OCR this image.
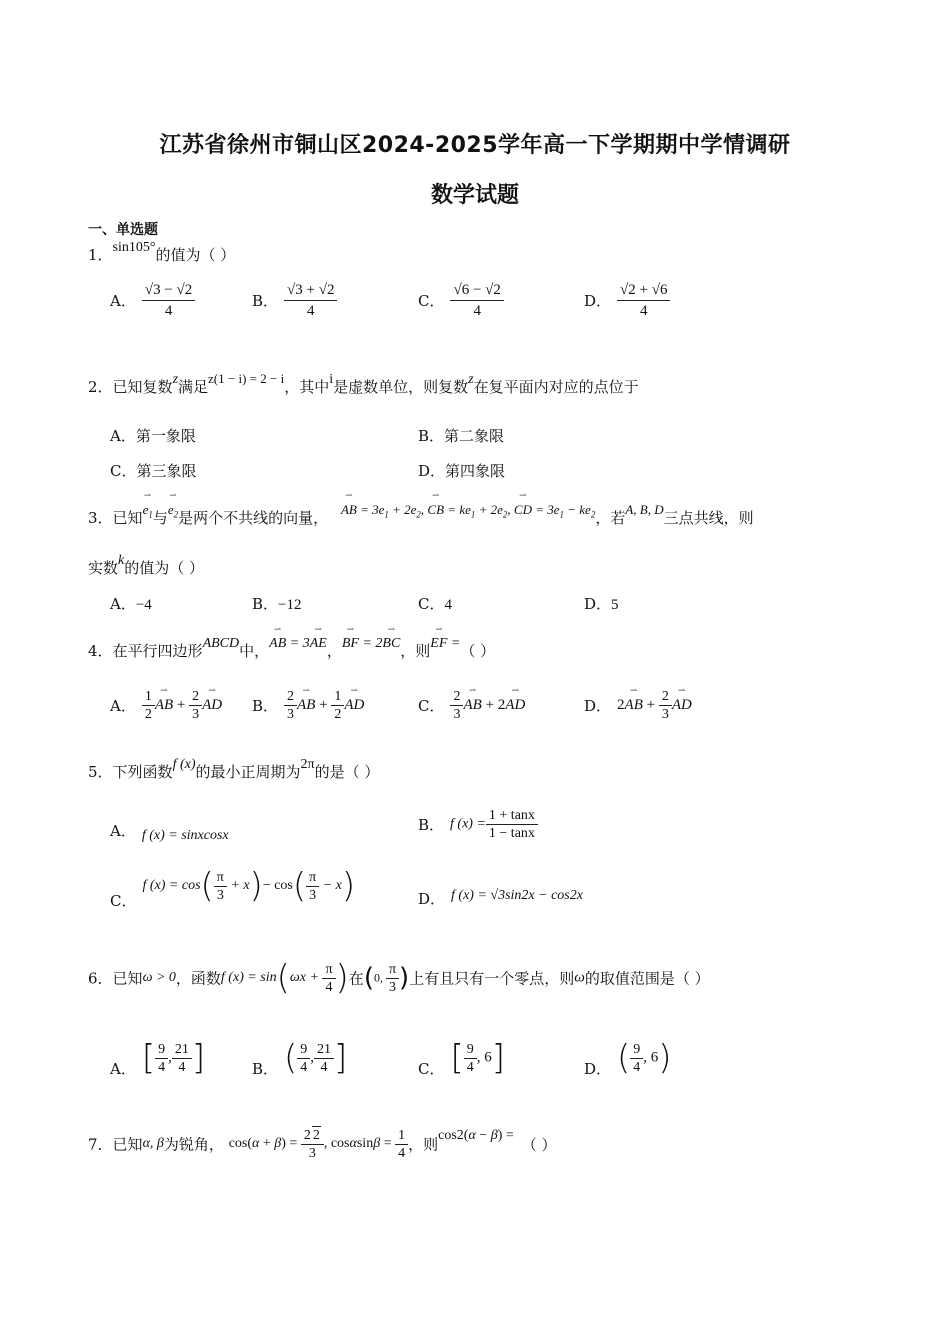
江苏省徐州市铜山区2024-2025学年高一下学期期中学情调研
数学试题
一、单选题
1．sin105°的值为（ ）
A． $\frac{√3 - √2}{4}$	B． $\frac{√3 + √2}{4}$	C． $\frac{√6 - √2}{4}$	D． $\frac{√2 + √6}{4}$
2．已知复数z满足z(1 − i) = 2 − i，其中i是虚数单位，则复数z在复平面内对应的点位于
A．第一象限	B．第二象限
C．第三象限	D．第四象限
3．已知⇀ $e_1$与⇀ $e_2$是两个不共线的向量， ⇀ AB = $3e_1 + 2e_2$, ⇀ CB = $ke_1 + 2e_2$, ⇀ CD = $3e_1 - ke_2$，若A, B, D三点共线，则
实数k的值为（ ）
A．−4	B．−12	C．4	D．5
4．在平行四边形ABCD中，⇀ AB = 3⇀ AE，⇀ BF = 2⇀ BC，则⇀ EF =（ ）
A． $\frac{1}{2}$ ⇀ AB + $\frac{2}{3}$ ⇀ AD B． $\frac{2}{3}$ ⇀ AB + $\frac{1}{2}$ ⇀ AD	C． $\frac{2}{3}$ ⇀ AB + 2⇀ AD	D． 2⇀ AB + $\frac{2}{3}$ ⇀ AD
5．下列函数f (x)的最小正周期为2π的是（ ）
A． f (x) = sinxcosx
B． f $(x) = \frac{1 + \tan x}{1 - \tan x}$
C．f $(x) = \cos( \frac{\pi}{3} + x)- \cos( \frac{\pi}{3} - x)$	D． f (x) = √3sin2x − cos2x
6．已知ω > 0，函数f $(x) = \sin(\omega x + \frac{\pi}{4}$ )在(0, $\frac{\pi}{3}$ )上有且只有一个零点，则ω的取值范围是（ ）
A． [ $\frac{9}{4}$ , $\frac{21}{4}$ ]	B． ( $\frac{9}{4}$ , $\frac{21}{4}$ ]	C． [ $\frac{9}{4}$ , 6]	D． ( $\frac{9}{4}$ , 6)
7．已知α, β为锐角， $\cos(\alpha + \beta) = \frac{2 2}{3}$ , $\cos\alpha\sin\beta = \frac{1}{4}$ ，则cos2(α − β) = （ ）
